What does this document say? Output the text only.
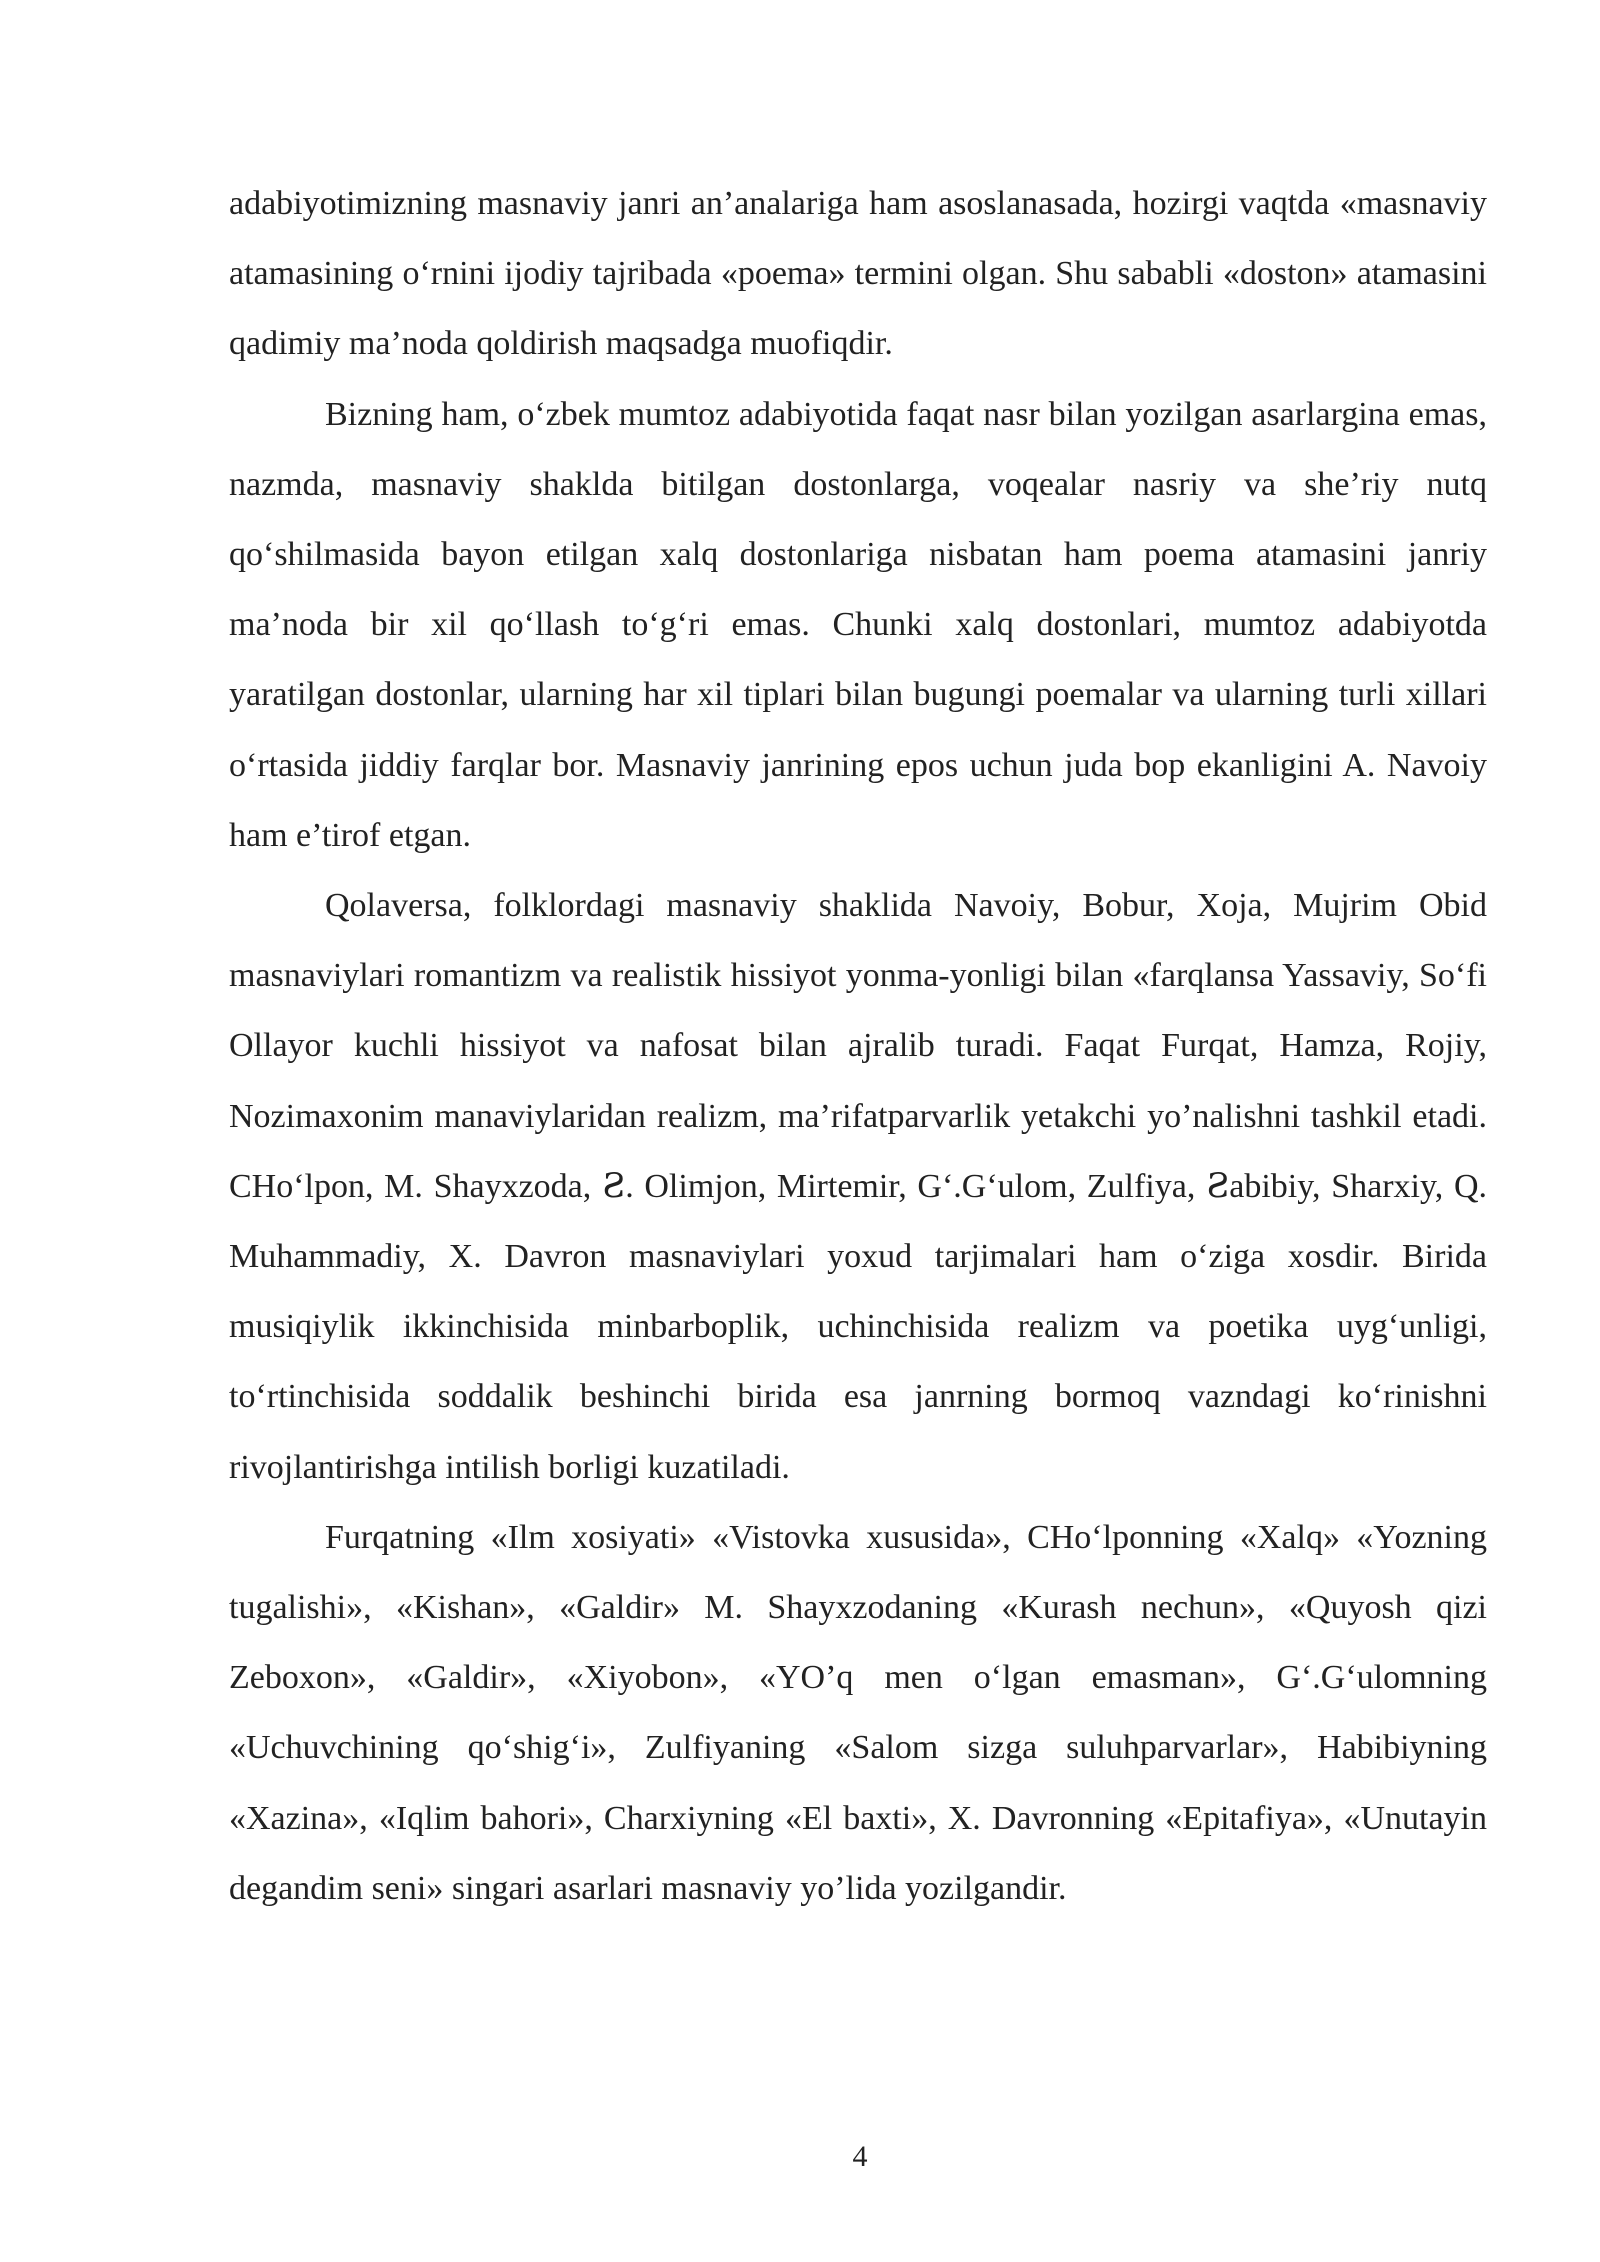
adabiyotimizning masnaviy janri an’analariga ham asoslanasada, hozirgi vaqtda «masnaviy atamasining o‘rnini ijodiy tajribada «poema» termini olgan. Shu sababli «doston» atamasini qadimiy ma’noda qoldirish maqsadga muofiqdir.

Bizning ham, o‘zbek mumtoz adabiyotida faqat nasr bilan yozilgan asarlargina emas, nazmda, masnaviy shaklda bitilgan dostonlarga, voqealar nasriy va she’riy nutq qo‘shilmasida bayon etilgan xalq dostonlariga nisbatan ham poema atamasini janriy ma’noda bir xil qo‘llash to‘g‘ri emas. Chunki xalq dostonlari, mumtoz adabiyotda yaratilgan dostonlar, ularning har xil tiplari bilan bugungi poemalar va ularning turli xillari o‘rtasida jiddiy farqlar bor. Masnaviy janrining epos uchun juda bop ekanligini A. Navoiy ham e’tirof etgan.

Qolaversa, folklordagi masnaviy shaklida Navoiy, Bobur, Xoja, Mujrim Obid masnaviylari romantizm va realistik hissiyot yonma-yonligi bilan «farqlansa Yassaviy, So‘fi Ollayor kuchli hissiyot va nafosat bilan ajralib turadi. Faqat Furqat, Hamza, Rojiy, Nozimaxonim manaviylaridan realizm, ma’rifatparvarlik yetakchi yo’nalishni tashkil etadi. CHo‘lpon, M. Shayxzoda, Ꙅ. Olimjon, Mirtemir, G‘.G‘ulom, Zulfiya, Ꙅabibiy, Sharxiy, Q. Muhammadiy, X. Davron masnaviylari yoxud tarjimalari ham o‘ziga xosdir. Birida musiqiylik ikkinchisida minbarboplik, uchinchisida realizm va poetika uyg‘unligi, to‘rtinchisida soddalik beshinchi birida esa janrning bormoq vazndagi ko‘rinishni rivojlantirishga intilish borligi kuzatiladi.

Furqatning «Ilm xosiyati» «Vistovka xususida», CHo‘lponning «Xalq» «Yozning tugalishi», «Kishan», «Galdir» M. Shayxzodaning «Kurash nechun», «Quyosh qizi Zeboxon», «Galdir», «Xiyobon», «YO’q men o‘lgan emasman», G‘.G‘ulomning «Uchuvchining qo‘shig‘i», Zulfiyaning «Salom sizga suluhparvarlar», Habibiyning «Xazina», «Iqlim bahori», Charxiyning «El baxti», X. Davronning «Epitafiya», «Unutayin degandim seni» singari asarlari masnaviy yo’lida yozilgandir.

4
